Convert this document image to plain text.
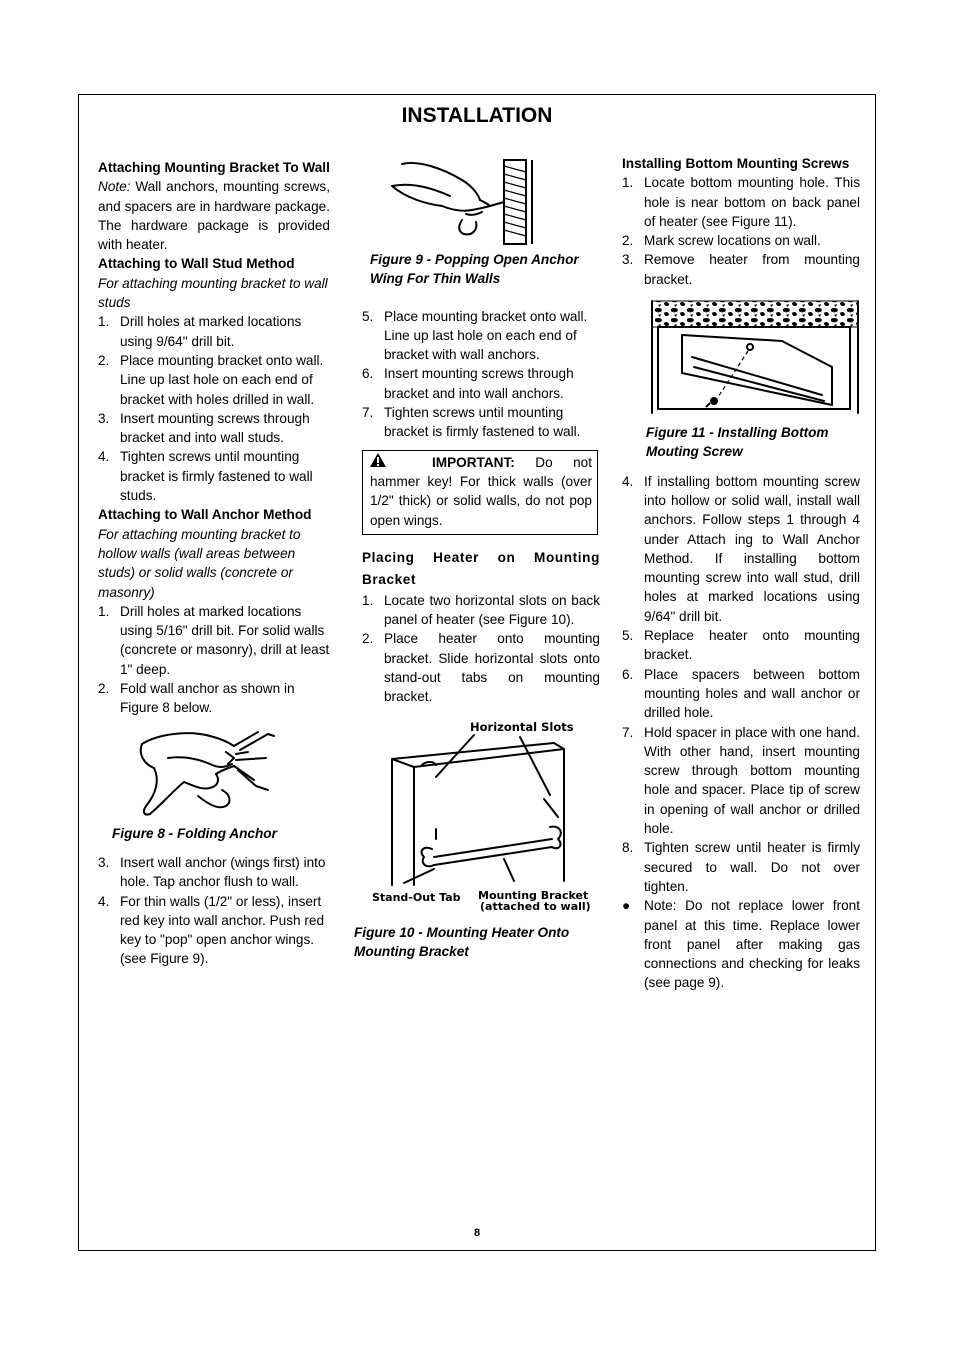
INSTALLATION
Attaching Mounting Bracket To Wall
Note: Wall anchors, mounting screws, and spacers are in hardware package. The hardware package is provided with heater.
Attaching to Wall Stud Method
For attaching mounting bracket to wall studs
1. Drill holes at marked locations using 9/64" drill bit.
2. Place mounting bracket onto wall. Line up last hole on each end of bracket with holes drilled in wall.
3. Insert mounting screws through bracket and into wall studs.
4. Tighten screws until mounting bracket is firmly fastened to wall studs.
Attaching to Wall Anchor Method
For attaching mounting bracket to hollow walls (wall areas between studs) or solid walls (concrete or masonry)
1. Drill holes at marked locations using 5/16" drill bit. For solid walls (concrete or masonry), drill at least 1" deep.
2. Fold wall anchor as shown in Figure 8 below.
Figure 8 - Folding Anchor
3. Insert wall anchor (wings first) into hole. Tap anchor flush to wall.
4. For thin walls (1/2" or less), insert red key into wall anchor. Push red key to "pop" open anchor wings. (see Figure 9).
Figure 9 - Popping Open Anchor Wing For Thin Walls
5. Place mounting bracket onto wall. Line up last hole on each end of bracket with wall anchors.
6. Insert mounting screws through bracket and into wall anchors.
7. Tighten screws until mounting bracket is firmly fastened to wall.
IMPORTANT: Do not hammer key! For thick walls (over 1/2" thick) or solid walls, do not pop open wings.
Placing Heater on Mounting Bracket
1. Locate two horizontal slots on back panel of heater (see Figure 10).
2. Place heater onto mounting bracket. Slide horizontal slots onto stand-out tabs on mounting bracket.
Horizontal Slots
Stand-Out Tab Mounting Bracket
(attached to wall)
Figure 10 - Mounting Heater Onto Mounting Bracket
Installing Bottom Mounting Screws
1. Locate bottom mounting hole. This hole is near bottom on back panel of heater (see Figure 11).
2. Mark screw locations on wall.
3. Remove heater from mounting bracket.
Figure 11 - Installing Bottom Mouting Screw
4. If installing bottom mounting screw into hollow or solid wall, install wall anchors. Follow steps 1 through 4 under Attach ing to Wall Anchor Method. If installing bottom mounting screw into wall stud, drill holes at marked locations using 9/64" drill bit.
5. Replace heater onto mounting bracket.
6. Place spacers between bottom mounting holes and wall anchor or drilled hole.
7. Hold spacer in place with one hand. With other hand, insert mounting screw through bottom mounting hole and spacer. Place tip of screw in opening of wall anchor or drilled hole.
8. Tighten screw until heater is firmly secured to wall. Do not over tighten.
●	Note: Do not replace lower front panel at this time. Replace lower front panel after making gas connections and checking for leaks (see page 9).
8
